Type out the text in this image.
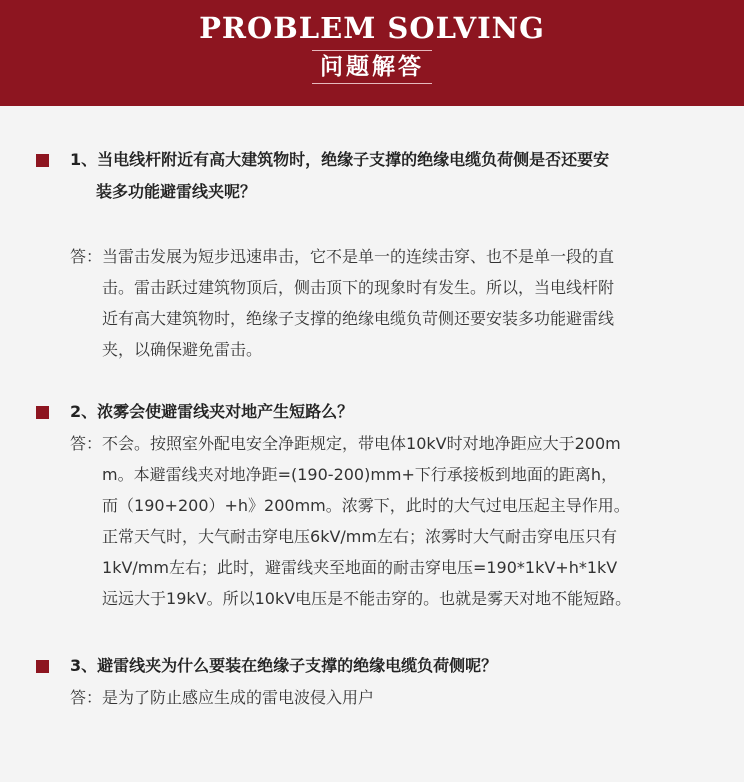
PROBLEM SOLVING
问题解答
1、当电线杆附近有高大建筑物时，绝缘子支撑的绝缘电缆负荷侧是否还要安
装多功能避雷线夹呢？
答： 当雷击发展为短步迅速串击，它不是单一的连续击穿、也不是单一段的直
击。雷击跃过建筑物顶后，侧击顶下的现象时有发生。所以，当电线杆附
近有高大建筑物时，绝缘子支撑的绝缘电缆负苛侧还要安装多功能避雷线
夹，以确保避免雷击。
2、浓雾会使避雷线夹对地产生短路么？
答： 不会。按照室外配电安全净距规定，带电体10kV时对地净距应大于200m
m。本避雷线夹对地净距=(190-200)mm+下行承接板到地面的距离h，
而（190+200）+h》200mm。浓雾下，此时的大气过电压起主导作用。
正常天气时，大气耐击穿电压6kV/mm左右；浓雾时大气耐击穿电压只有
1kV/mm左右；此时，避雷线夹至地面的耐击穿电压=190*1kV+h*1kV
远远大于19kV。所以10kV电压是不能击穿的。也就是雾天对地不能短路。
3、避雷线夹为什么要装在绝缘子支撑的绝缘电缆负荷侧呢？
答： 是为了防止感应生成的雷电波侵入用户
